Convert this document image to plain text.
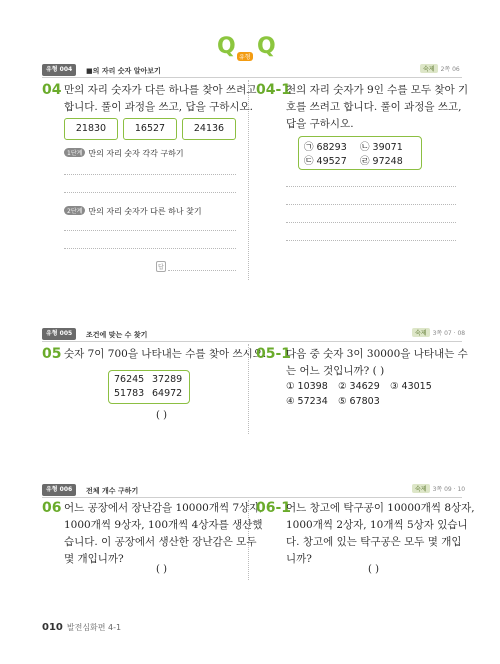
Q 유형 Q
유형 004	■의 자리 숫자 알아보기	숙제 2쪽 06
04 만의 자리 숫자가 다른 하나를 찾아 쓰려고
합니다. 풀이 과정을 쓰고, 답을 구하시오.
21830	16527	24136
1단계 만의 자리 숫자 각각 구하기
2단계 만의 자리 숫자가 다른 하나 찾기
답
04-1
천의 자리 숫자가 9인 수를 모두 찾아 기
호를 쓰려고 합니다. 풀이 과정을 쓰고,
답을 구하시오.
㉠ 68293 ㉡ 39071
㉢ 49527 ㉣ 97248
유형 005	조건에 맞는 수 찾기	숙제 3쪽 07 · 08
05 숫자 7이 700을 나타내는 수를 찾아 쓰시오.
76245 37289
51783 64972
( )
05-1
다음 중 숫자 3이 30000을 나타내는 수
는 어느 것입니까? ( )
① 10398 ② 34629 ③ 43015
④ 57234 ⑤ 67803
유형 006	전체 개수 구하기	숙제 3쪽 09 · 10
06 어느 공장에서 장난감을 10000개씩 7상자,
1000개씩 9상자, 100개씩 4상자를 생산했
습니다. 이 공장에서 생산한 장난감은 모두
몇 개입니까?
( )
06-1
어느 창고에 탁구공이 10000개씩 8상자,
1000개씩 2상자, 10개씩 5상자 있습니
다. 창고에 있는 탁구공은 모두 몇 개입
니까?
( )
010 발전심화편 4-1
